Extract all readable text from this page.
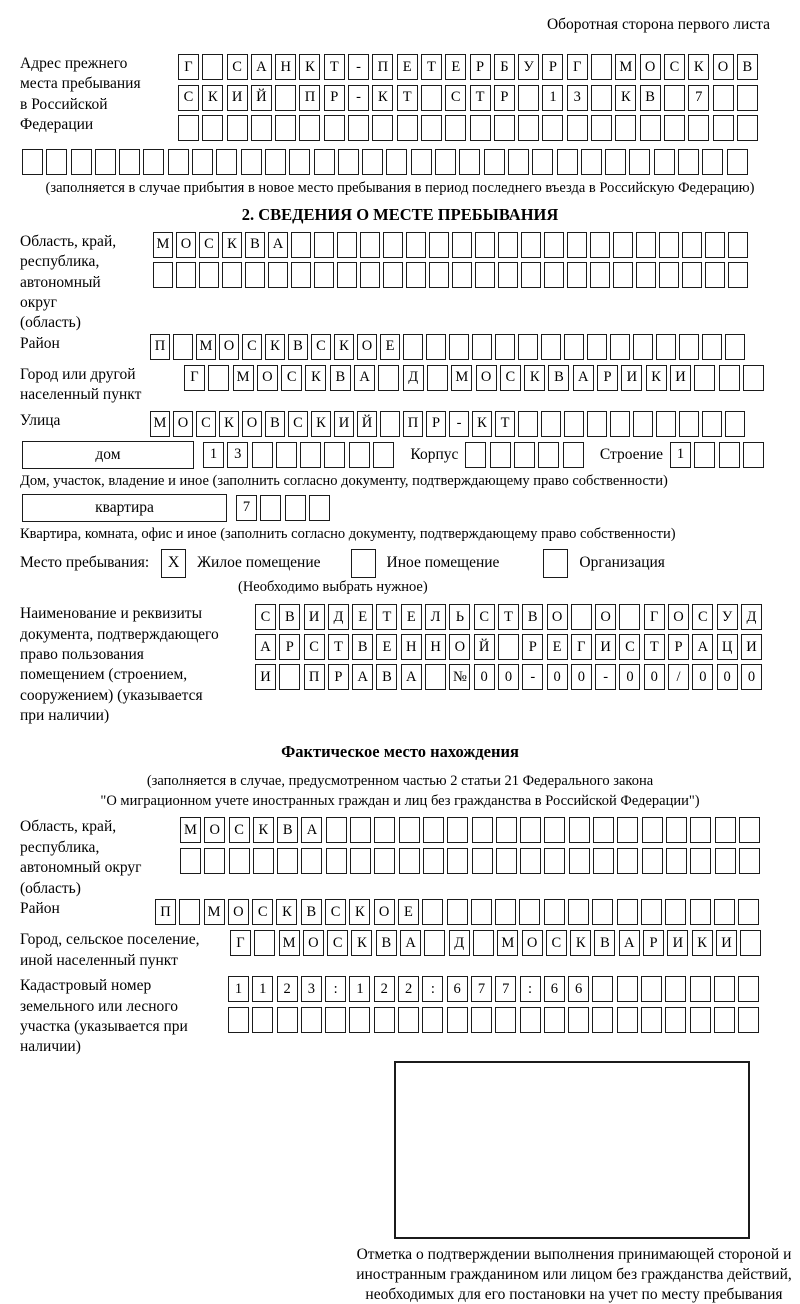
Оборотная сторона первого листа
Адрес прежнего места пребывания в Российской Федерации
Г	С А Н К	Т	-	П	Е	Т	Е	Р	Б	У	Р	Г	М О С	К О В
С	К И Й	П	Р	-	К	Т	С	Т	Р	1	3	К	В	7
(заполняется в случае прибытия в новое место пребывания в период последнего въезда в Российскую Федерацию)
2. СВЕДЕНИЯ О МЕСТЕ ПРЕБЫВАНИЯ
Область, край, республика, автономный округ (область)
М О С К В А
Район	П	М О С К В С К О Е
Город или другой населенный пункт
Г	М О С	К	В А	Д	М О С	К	В А	Р	И К И
Улица	М О С К О В С К И Й	П Р	-	К Т
дом	1	3	Корпус	Строение 1
Дом, участок, владение и иное (заполнить согласно документу, подтверждающему право собственности)
квартира	7
Квартира, комната, офис и иное (заполнить согласно документу, подтверждающему право собственности)
Место пребывания:	X	Жилое помещение	Иное помещение	Организация
(Необходимо выбрать нужное)
Наименование и реквизиты документа, подтверждающего право пользования помещением (строением, сооружением) (указывается при наличии)
С	В И Д	Е	Т	Е	Л	Ь	С	Т	В О	О	Г	О С У Д
А	Р	С	Т	В	Е	Н Н О Й	Р	Е	Г	И С	Т	Р	А Ц И
И	П	Р	А В А	№ 0	0	-	0	0	-	0	0	/	0	0	0
Фактическое место нахождения
(заполняется в случае, предусмотренном частью 2 статьи 21 Федерального закона
"О миграционном учете иностранных граждан и лиц без гражданства в Российской Федерации")
Область, край, республика, автономный округ (область)
М О С	К	В А
Район	П	М О С	К	В	С	К О	Е
Город, сельское поселение, иной населенный пункт
Г	М О С	К	В А	Д	М О С	К	В А	Р	И К И
Кадастровый номер земельного или лесного участка (указывается при наличии)
1	1	2	3	:	1	2	2	:	6	7	7	:	6	6
Отметка о подтверждении выполнения принимающей стороной и иностранным гражданином или лицом без гражданства действий, необходимых для его постановки на учет по месту пребывания
